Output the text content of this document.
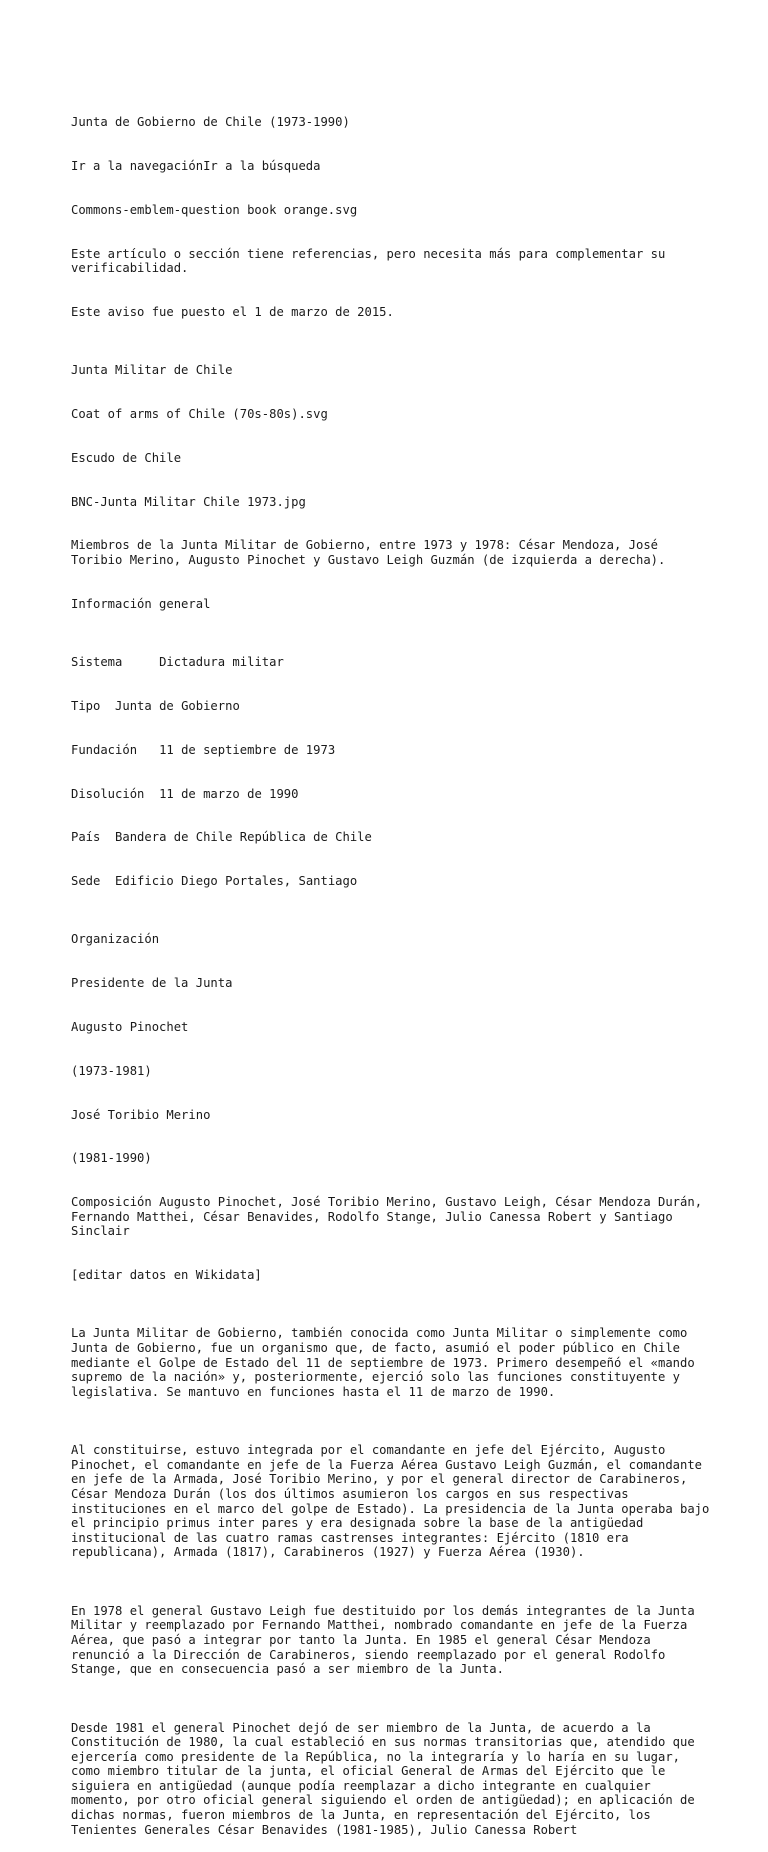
Junta de Gobierno de Chile (1973-1990)

Ir a la navegaciónIr a la búsqueda

Commons-emblem-question book orange.svg

Este artículo o sección tiene referencias, pero necesita más para complementar su verificabilidad.

Este aviso fue puesto el 1 de marzo de 2015.

Junta Militar de Chile

Coat of arms of Chile (70s-80s).svg

Escudo de Chile

BNC-Junta Militar Chile 1973.jpg

Miembros de la Junta Militar de Gobierno, entre 1973 y 1978: César Mendoza, José Toribio Merino, Augusto Pinochet y Gustavo Leigh Guzmán (de izquierda a derecha).

Información general

Sistema	Dictadura militar

Tipo Junta de Gobierno

Fundación 11 de septiembre de 1973

Disolución 11 de marzo de 1990

País Bandera de Chile República de Chile

Sede Edificio Diego Portales, Santiago

Organización

Presidente de la Junta

Augusto Pinochet

(1973-1981)

José Toribio Merino

(1981-1990)

Composición Augusto Pinochet, José Toribio Merino, Gustavo Leigh, César Mendoza Durán, Fernando Matthei, César Benavides, Rodolfo Stange, Julio Canessa Robert y Santiago Sinclair

[editar datos en Wikidata]

La Junta Militar de Gobierno, también conocida como Junta Militar o simplemente como Junta de Gobierno, fue un organismo que, de facto, asumió el poder público en Chile mediante el Golpe de Estado del 11 de septiembre de 1973. Primero desempeñó el «mando supremo de la nación» y, posteriormente, ejerció solo las funciones constituyente y legislativa. Se mantuvo en funciones hasta el 11 de marzo de 1990.

Al constituirse, estuvo integrada por el comandante en jefe del Ejército, Augusto Pinochet, el comandante en jefe de la Fuerza Aérea Gustavo Leigh Guzmán, el comandante en jefe de la Armada, José Toribio Merino, y por el general director de Carabineros, César Mendoza Durán (los dos últimos asumieron los cargos en sus respectivas instituciones en el marco del golpe de Estado). La presidencia de la Junta operaba bajo el principio primus inter pares y era designada sobre la base de la antigüedad institucional de las cuatro ramas castrenses integrantes: Ejército (1810 era republicana), Armada (1817), Carabineros (1927) y Fuerza Aérea (1930).

En 1978 el general Gustavo Leigh fue destituido por los demás integrantes de la Junta Militar y reemplazado por Fernando Matthei, nombrado comandante en jefe de la Fuerza Aérea, que pasó a integrar por tanto la Junta. En 1985 el general César Mendoza renunció a la Dirección de Carabineros, siendo reemplazado por el general Rodolfo Stange, que en consecuencia pasó a ser miembro de la Junta.

Desde 1981 el general Pinochet dejó de ser miembro de la Junta, de acuerdo a la Constitución de 1980, la cual estableció en sus normas transitorias que, atendido que ejercería como presidente de la República, no la integraría y lo haría en su lugar, como miembro titular de la junta, el oficial General de Armas del Ejército que le siguiera en antigüedad (aunque podía reemplazar a dicho integrante en cualquier momento, por otro oficial general siguiendo el orden de antigüedad); en aplicación de dichas normas, fueron miembros de la Junta, en representación del Ejército, los Tenientes Generales César Benavides (1981-1985), Julio Canessa Robert
